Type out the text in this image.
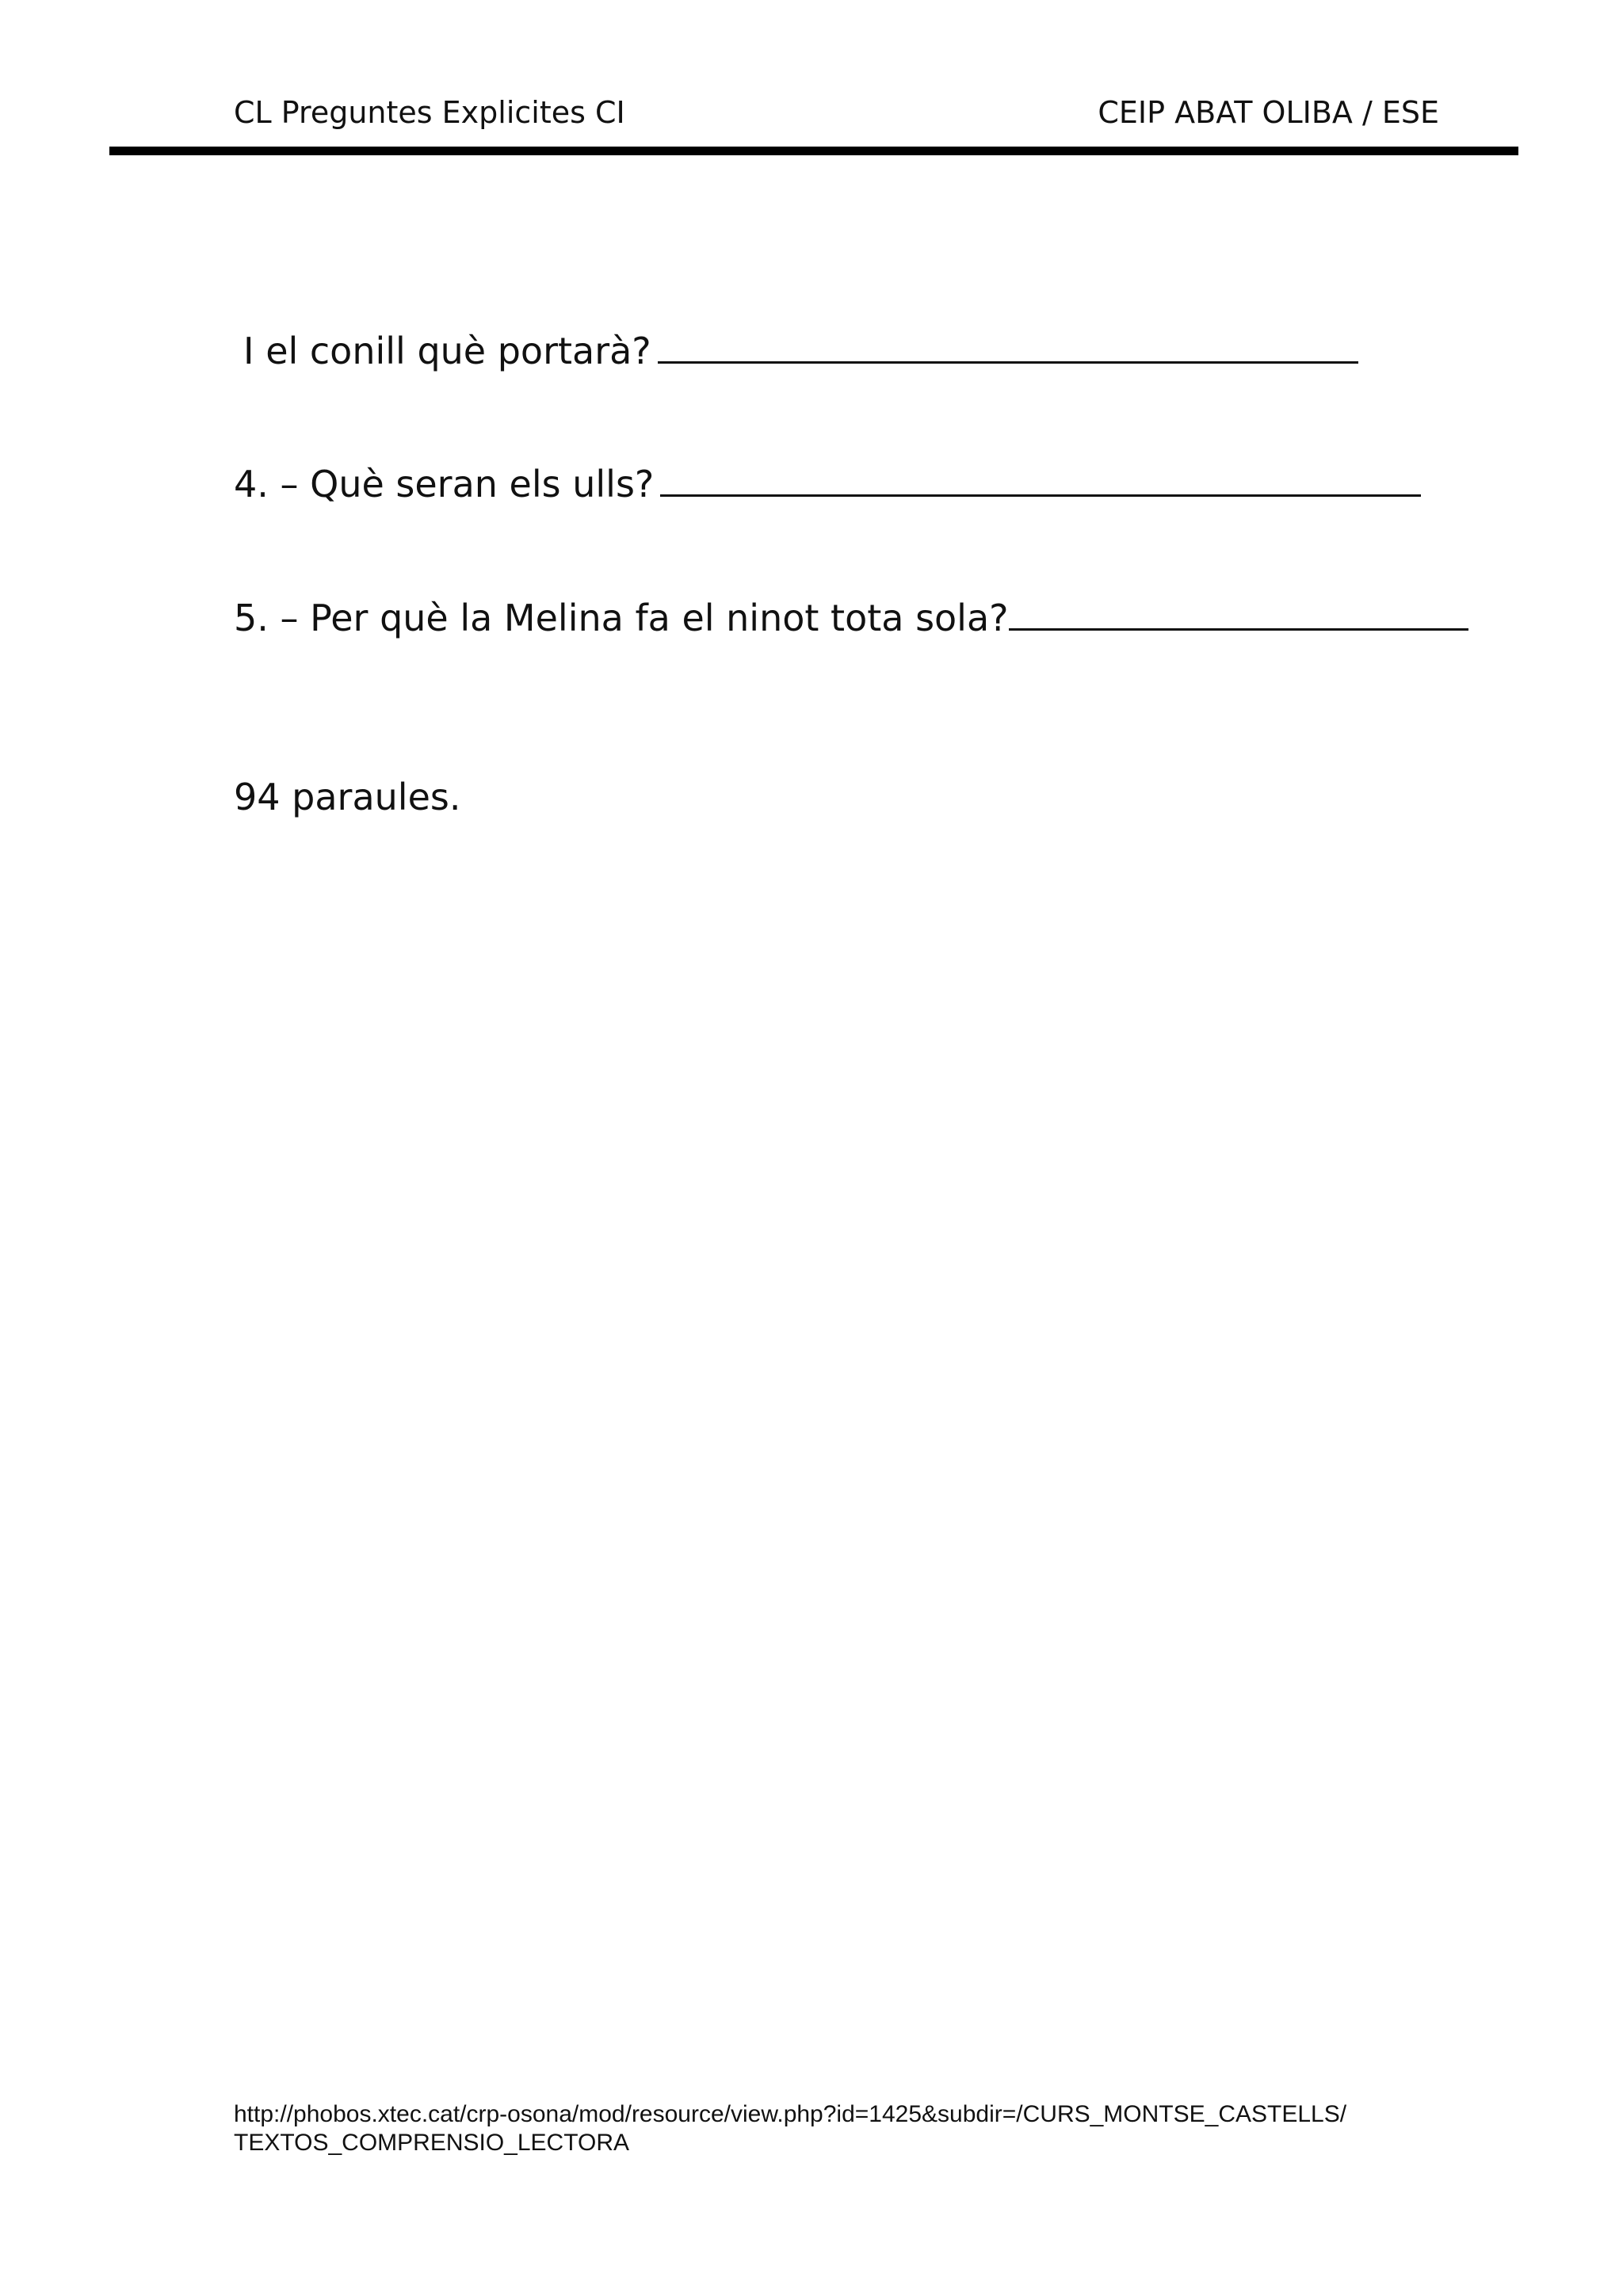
CL Preguntes Explicites CI	CEIP ABAT OLIBA / ESE
I el conill què portarà?
4. – Què seran els ulls?
5. – Per què la Melina fa el ninot tota sola?
94 paraules.
http://phobos.xtec.cat/crp-osona/mod/resource/view.php?id=1425&subdir=/CURS_MONTSE_CASTELLS/
TEXTOS_COMPRENSIO_LECTORA
